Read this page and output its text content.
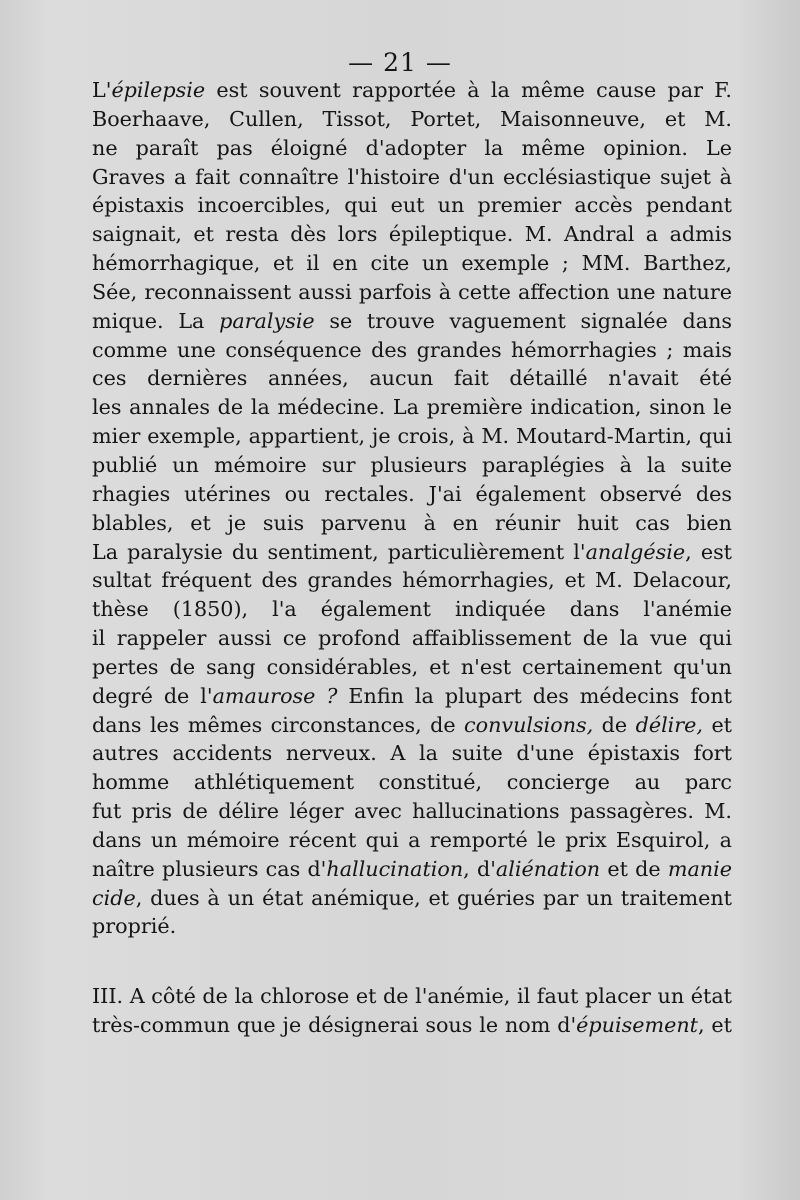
— 21 —
L'épilepsie est souvent rapportée à la même cause par F.
Boerhaave, Cullen, Tissot, Portet, Maisonneuve, et M.
ne paraît pas éloigné d'adopter la même opinion. Le
Graves a fait connaître l'histoire d'un ecclésiastique sujet à
épistaxis incoercibles, qui eut un premier accès pendant
saignait, et resta dès lors épileptique. M. Andral a admis
hémorrhagique, et il en cite un exemple ; MM. Barthez,
Sée, reconnaissent aussi parfois à cette affection une nature
mique. La paralysie se trouve vaguement signalée dans
comme une conséquence des grandes hémorrhagies ; mais
ces dernières années, aucun fait détaillé n'avait été
les annales de la médecine. La première indication, sinon le
mier exemple, appartient, je crois, à M. Moutard-Martin, qui
publié un mémoire sur plusieurs paraplégies à la suite
rhagies utérines ou rectales. J'ai également observé des
blables, et je suis parvenu à en réunir huit cas bien
La paralysie du sentiment, particulièrement l'analgésie, est
sultat fréquent des grandes hémorrhagies, et M. Delacour,
thèse (1850), l'a également indiquée dans l'anémie
il rappeler aussi ce profond affaiblissement de la vue qui
pertes de sang considérables, et n'est certainement qu'un
degré de l'amaurose ? Enfin la plupart des médecins font
dans les mêmes circonstances, de convulsions, de délire, et
autres accidents nerveux. A la suite d'une épistaxis fort
homme athlétiquement constitué, concierge au parc
fut pris de délire léger avec hallucinations passagères. M.
dans un mémoire récent qui a remporté le prix Esquirol, a
naître plusieurs cas d'hallucination, d'aliénation et de manie
cide, dues à un état anémique, et guéries par un traitement
proprié.
III. A côté de la chlorose et de l'anémie, il faut placer un état
très-commun que je désignerai sous le nom d'épuisement, et
